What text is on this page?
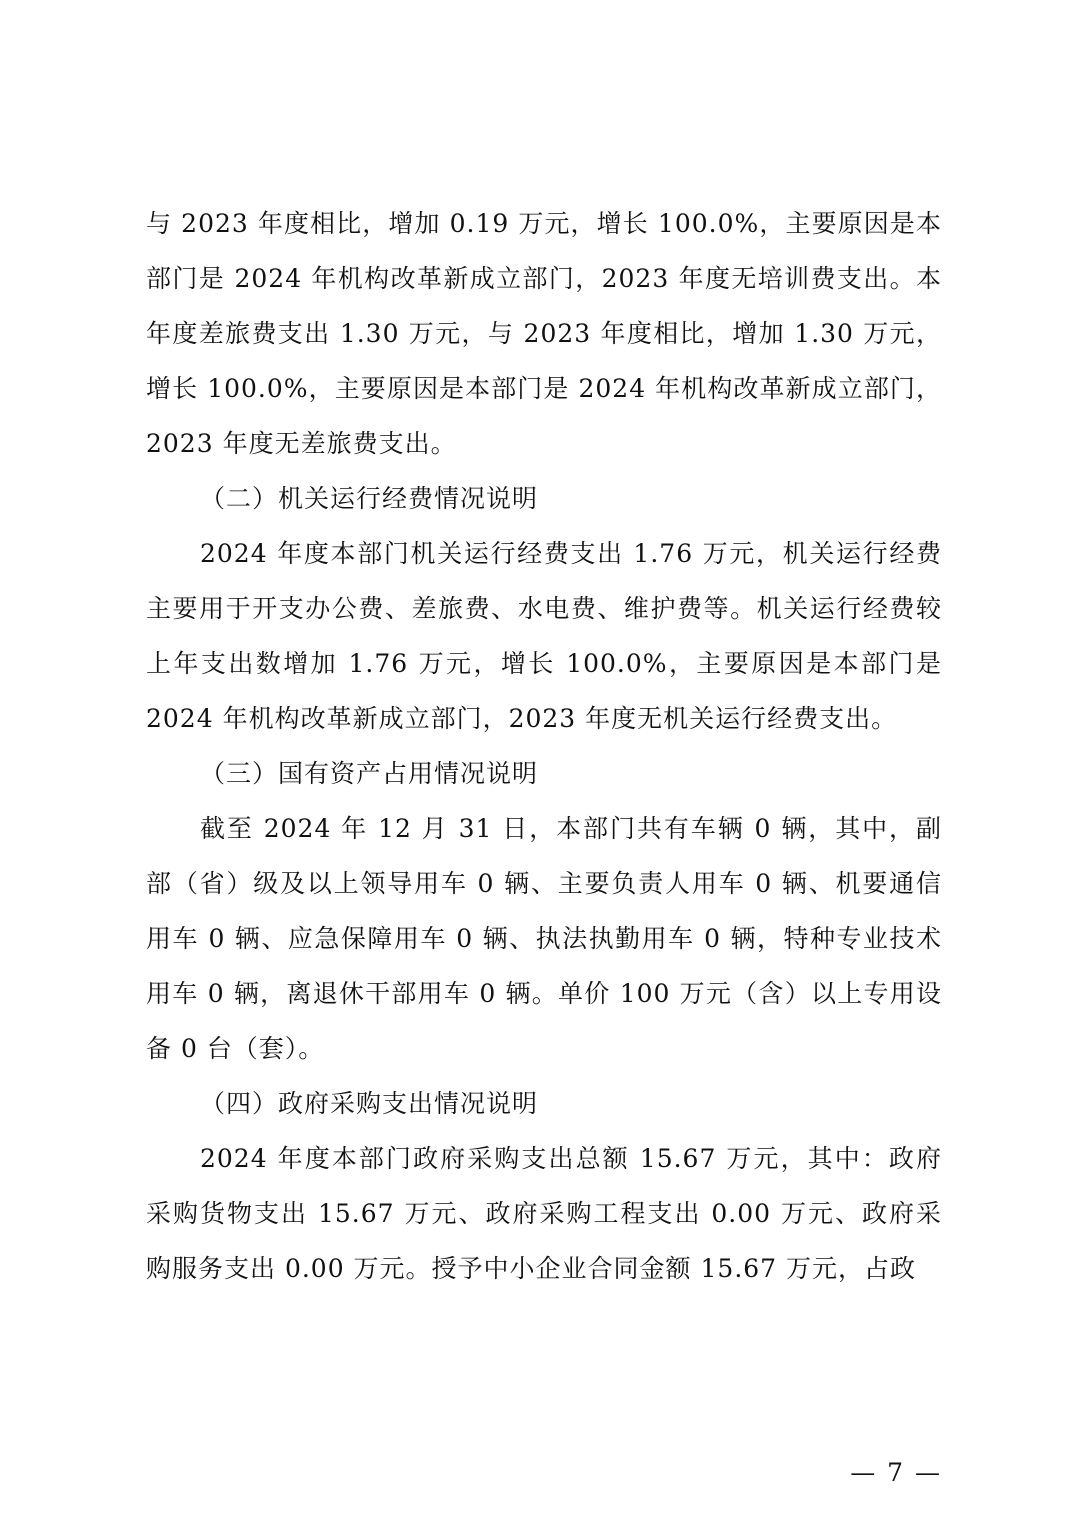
与 2023 年度相比，增加 0.19 万元，增长 100.0%，主要原因是本部门是 2024 年机构改革新成立部门，2023 年度无培训费支出。本年度差旅费支出 1.30 万元，与 2023 年度相比，增加 1.30 万元，增长 100.0%，主要原因是本部门是 2024 年机构改革新成立部门，2023 年度无差旅费支出。

（二）机关运行经费情况说明

2024 年度本部门机关运行经费支出 1.76 万元，机关运行经费主要用于开支办公费、差旅费、水电费、维护费等。机关运行经费较上年支出数增加 1.76 万元，增长 100.0%，主要原因是本部门是 2024 年机构改革新成立部门，2023 年度无机关运行经费支出。

（三）国有资产占用情况说明

截至 2024 年 12 月 31 日，本部门共有车辆 0 辆，其中，副部（省）级及以上领导用车 0 辆、主要负责人用车 0 辆、机要通信用车 0 辆、应急保障用车 0 辆、执法执勤用车 0 辆，特种专业技术用车 0 辆，离退休干部用车 0 辆。单价 100 万元（含）以上专用设备 0 台（套）。

（四）政府采购支出情况说明

2024 年度本部门政府采购支出总额 15.67 万元，其中：政府采购货物支出 15.67 万元、政府采购工程支出 0.00 万元、政府采购服务支出 0.00 万元。授予中小企业合同金额 15.67 万元，占政

— 7 —
